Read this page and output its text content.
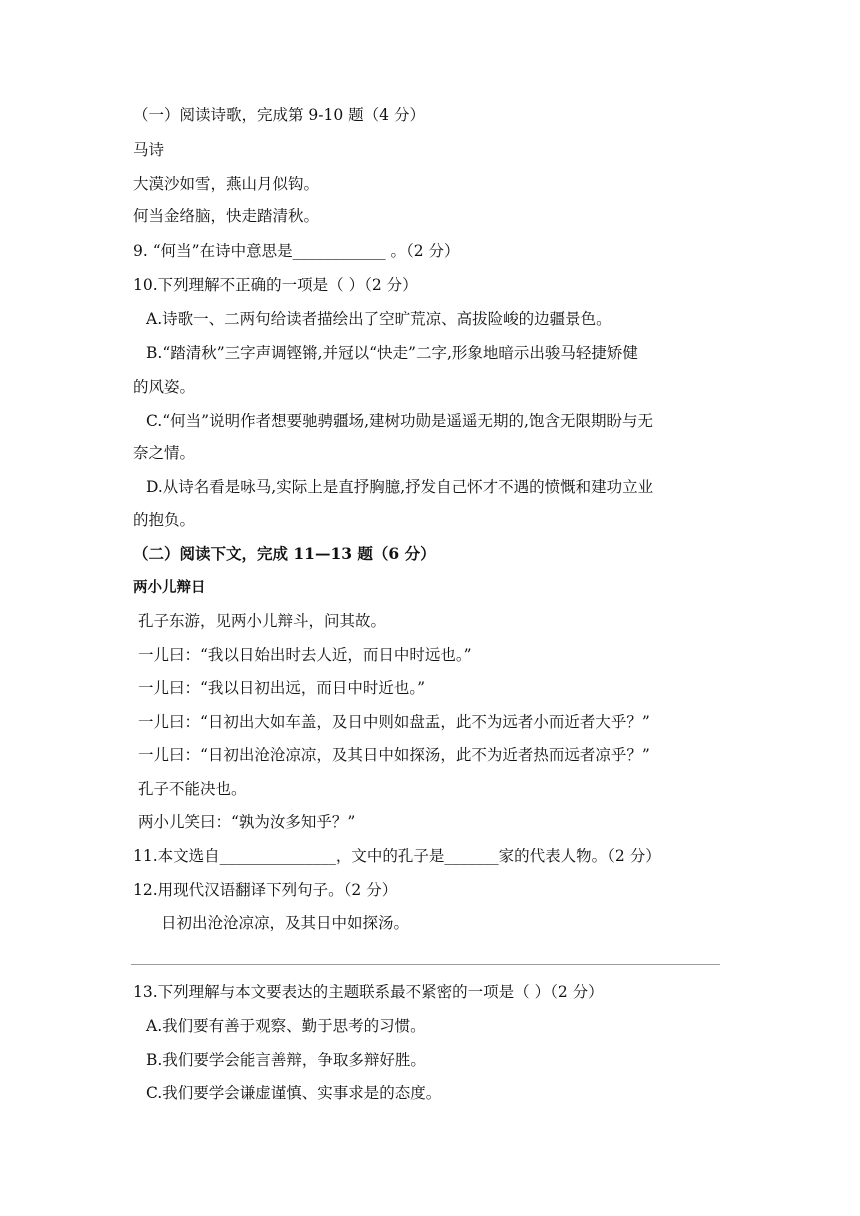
（一）阅读诗歌，完成第 9-10 题（4 分）
马诗
大漠沙如雪，燕山月似钩。
何当金络脑，快走踏清秋。
9. “何当”在诗中意思是____________ 。（2 分）
10.下列理解不正确的一项是（ ）（2 分）
A.诗歌一、二两句给读者描绘出了空旷荒凉、高拔险峻的边疆景色。
B.“踏清秋”三字声调铿锵,并冠以“快走”二字,形象地暗示出骏马轻捷矫健
的风姿。
C.“何当”说明作者想要驰骋疆场,建树功勋是遥遥无期的,饱含无限期盼与无
奈之情。
D.从诗名看是咏马,实际上是直抒胸臆,抒发自己怀才不遇的愤慨和建功立业
的抱负。
（二）阅读下文，完成 11—13 题（6 分）
两小儿辩日
孔子东游，见两小儿辩斗，问其故。
一儿曰：“我以日始出时去人近，而日中时远也。”
一儿曰：“我以日初出远，而日中时近也。”
一儿曰：“日初出大如车盖，及日中则如盘盂，此不为远者小而近者大乎？”
一儿曰：“日初出沧沧凉凉，及其日中如探汤，此不为近者热而远者凉乎？”
孔子不能决也。
两小儿笑曰：“孰为汝多知乎？”
11.本文选自_______________，文中的孔子是_______家的代表人物。（2 分）
12.用现代汉语翻译下列句子。（2 分）
日初出沧沧凉凉，及其日中如探汤。
13.下列理解与本文要表达的主题联系最不紧密的一项是（ ）（2 分）
A.我们要有善于观察、勤于思考的习惯。
B.我们要学会能言善辩，争取多辩好胜。
C.我们要学会谦虚谨慎、实事求是的态度。
